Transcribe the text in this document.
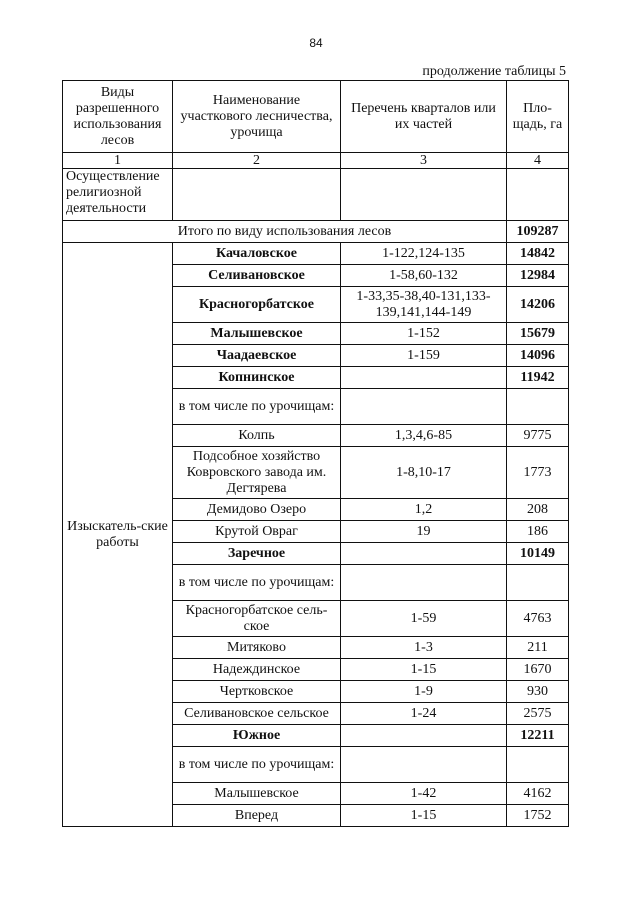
84
продолжение таблицы 5
Виды разрешенного использования лесов	Наименование участкового лесничества, урочища	Перечень кварталов или их частей	Пло-щадь, га
1	2	3	4
Осуществление религиозной деятельности			
Итого по виду использования лесов			109287
Изыскатель-ские работы	Качаловское	1-122,124-135	14842
	Селивановское	1-58,60-132	12984
	Красногорбатское	1-33,35-38,40-131,133-139,141,144-149	14206
	Малышевское	1-152	15679
	Чаадаевское	1-159	14096
	Копнинское		11942
	в том числе по урочищам:		
	Колпь	1,3,4,6-85	9775
	Подсобное хозяйство Ковровского завода им. Дегтярева	1-8,10-17	1773
	Демидово Озеро	1,2	208
	Крутой Овраг	19	186
	Заречное		10149
	в том числе по урочищам:		
	Красногорбатское сель-ское	1-59	4763
	Митяково	1-3	211
	Надеждинское	1-15	1670
	Чертковское	1-9	930
	Селивановское сельское	1-24	2575
	Южное		12211
	в том числе по урочищам:		
	Малышевское	1-42	4162
	Вперед	1-15	1752
